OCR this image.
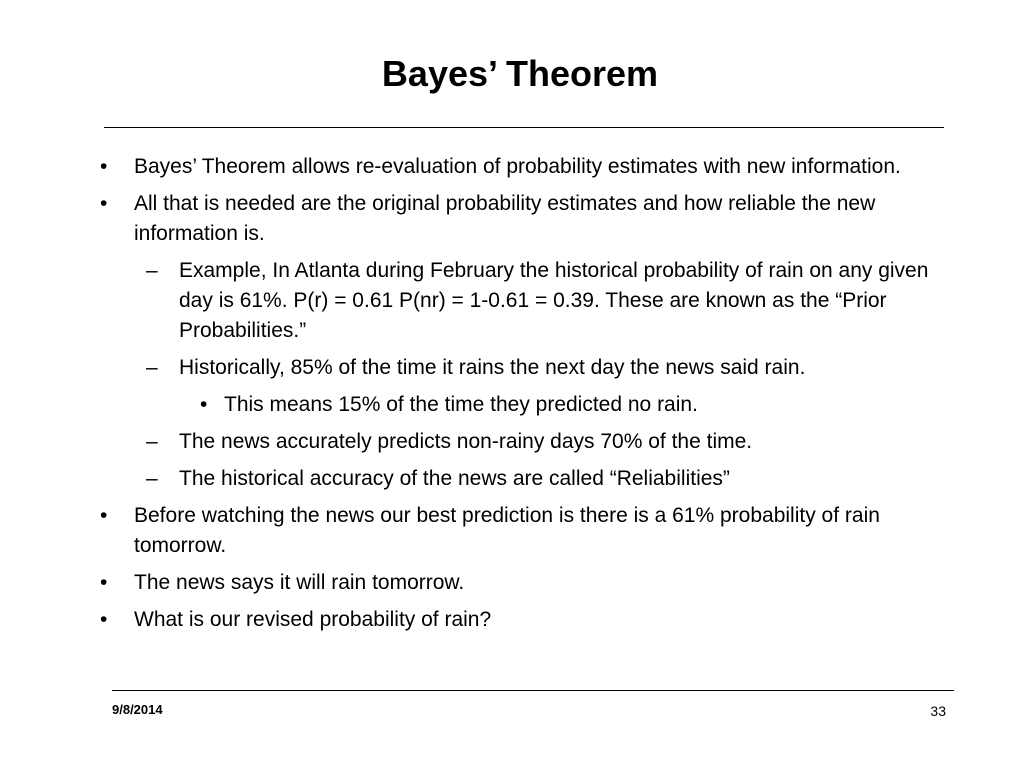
Bayes’ Theorem
• Bayes’ Theorem allows re-evaluation of probability estimates with new information.
• All that is needed are the original probability estimates and how reliable the new information is.
– Example, In Atlanta during February the historical probability of rain on any given day is 61%. P(r) = 0.61 P(nr) = 1-0.61 = 0.39. These are known as the “Prior Probabilities.”
– Historically, 85% of the time it rains the next day the news said rain.
• This means 15% of the time they predicted no rain.
– The news accurately predicts non-rainy days 70% of the time.
– The historical accuracy of the news are called “Reliabilities”
• Before watching the news our best prediction is there is a 61% probability of rain tomorrow.
• The news says it will rain tomorrow.
• What is our revised probability of rain?
9/8/2014	33
